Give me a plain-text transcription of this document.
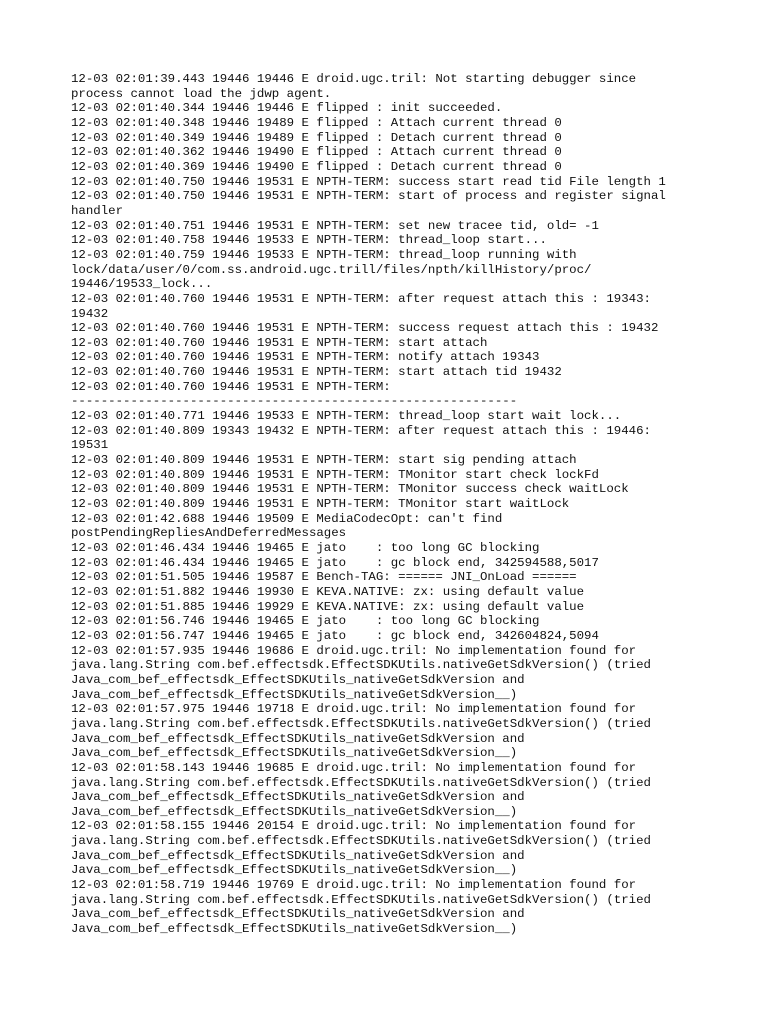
12-03 02:01:39.443 19446 19446 E droid.ugc.tril: Not starting debugger since
process cannot load the jdwp agent.
12-03 02:01:40.344 19446 19446 E flipped : init succeeded.
12-03 02:01:40.348 19446 19489 E flipped : Attach current thread 0
12-03 02:01:40.349 19446 19489 E flipped : Detach current thread 0
12-03 02:01:40.362 19446 19490 E flipped : Attach current thread 0
12-03 02:01:40.369 19446 19490 E flipped : Detach current thread 0
12-03 02:01:40.750 19446 19531 E NPTH-TERM: success start read tid File length 1
12-03 02:01:40.750 19446 19531 E NPTH-TERM: start of process and register signal
handler
12-03 02:01:40.751 19446 19531 E NPTH-TERM: set new tracee tid, old= -1
12-03 02:01:40.758 19446 19533 E NPTH-TERM: thread_loop start...
12-03 02:01:40.759 19446 19533 E NPTH-TERM: thread_loop running with
lock/data/user/0/com.ss.android.ugc.trill/files/npth/killHistory/proc/
19446/19533_lock...
12-03 02:01:40.760 19446 19531 E NPTH-TERM: after request attach this : 19343:
19432
12-03 02:01:40.760 19446 19531 E NPTH-TERM: success request attach this : 19432
12-03 02:01:40.760 19446 19531 E NPTH-TERM: start attach
12-03 02:01:40.760 19446 19531 E NPTH-TERM: notify attach 19343
12-03 02:01:40.760 19446 19531 E NPTH-TERM: start attach tid 19432
12-03 02:01:40.760 19446 19531 E NPTH-TERM:
------------------------------------------------------------
12-03 02:01:40.771 19446 19533 E NPTH-TERM: thread_loop start wait lock...
12-03 02:01:40.809 19343 19432 E NPTH-TERM: after request attach this : 19446:
19531
12-03 02:01:40.809 19446 19531 E NPTH-TERM: start sig pending attach
12-03 02:01:40.809 19446 19531 E NPTH-TERM: TMonitor start check lockFd
12-03 02:01:40.809 19446 19531 E NPTH-TERM: TMonitor success check waitLock
12-03 02:01:40.809 19446 19531 E NPTH-TERM: TMonitor start waitLock
12-03 02:01:42.688 19446 19509 E MediaCodecOpt: can't find
postPendingRepliesAndDeferredMessages
12-03 02:01:46.434 19446 19465 E jato    : too long GC blocking
12-03 02:01:46.434 19446 19465 E jato    : gc block end, 342594588,5017
12-03 02:01:51.505 19446 19587 E Bench-TAG: ====== JNI_OnLoad ======
12-03 02:01:51.882 19446 19930 E KEVA.NATIVE: zx: using default value
12-03 02:01:51.885 19446 19929 E KEVA.NATIVE: zx: using default value
12-03 02:01:56.746 19446 19465 E jato    : too long GC blocking
12-03 02:01:56.747 19446 19465 E jato    : gc block end, 342604824,5094
12-03 02:01:57.935 19446 19686 E droid.ugc.tril: No implementation found for
java.lang.String com.bef.effectsdk.EffectSDKUtils.nativeGetSdkVersion() (tried
Java_com_bef_effectsdk_EffectSDKUtils_nativeGetSdkVersion and
Java_com_bef_effectsdk_EffectSDKUtils_nativeGetSdkVersion__)
12-03 02:01:57.975 19446 19718 E droid.ugc.tril: No implementation found for
java.lang.String com.bef.effectsdk.EffectSDKUtils.nativeGetSdkVersion() (tried
Java_com_bef_effectsdk_EffectSDKUtils_nativeGetSdkVersion and
Java_com_bef_effectsdk_EffectSDKUtils_nativeGetSdkVersion__)
12-03 02:01:58.143 19446 19685 E droid.ugc.tril: No implementation found for
java.lang.String com.bef.effectsdk.EffectSDKUtils.nativeGetSdkVersion() (tried
Java_com_bef_effectsdk_EffectSDKUtils_nativeGetSdkVersion and
Java_com_bef_effectsdk_EffectSDKUtils_nativeGetSdkVersion__)
12-03 02:01:58.155 19446 20154 E droid.ugc.tril: No implementation found for
java.lang.String com.bef.effectsdk.EffectSDKUtils.nativeGetSdkVersion() (tried
Java_com_bef_effectsdk_EffectSDKUtils_nativeGetSdkVersion and
Java_com_bef_effectsdk_EffectSDKUtils_nativeGetSdkVersion__)
12-03 02:01:58.719 19446 19769 E droid.ugc.tril: No implementation found for
java.lang.String com.bef.effectsdk.EffectSDKUtils.nativeGetSdkVersion() (tried
Java_com_bef_effectsdk_EffectSDKUtils_nativeGetSdkVersion and
Java_com_bef_effectsdk_EffectSDKUtils_nativeGetSdkVersion__)
